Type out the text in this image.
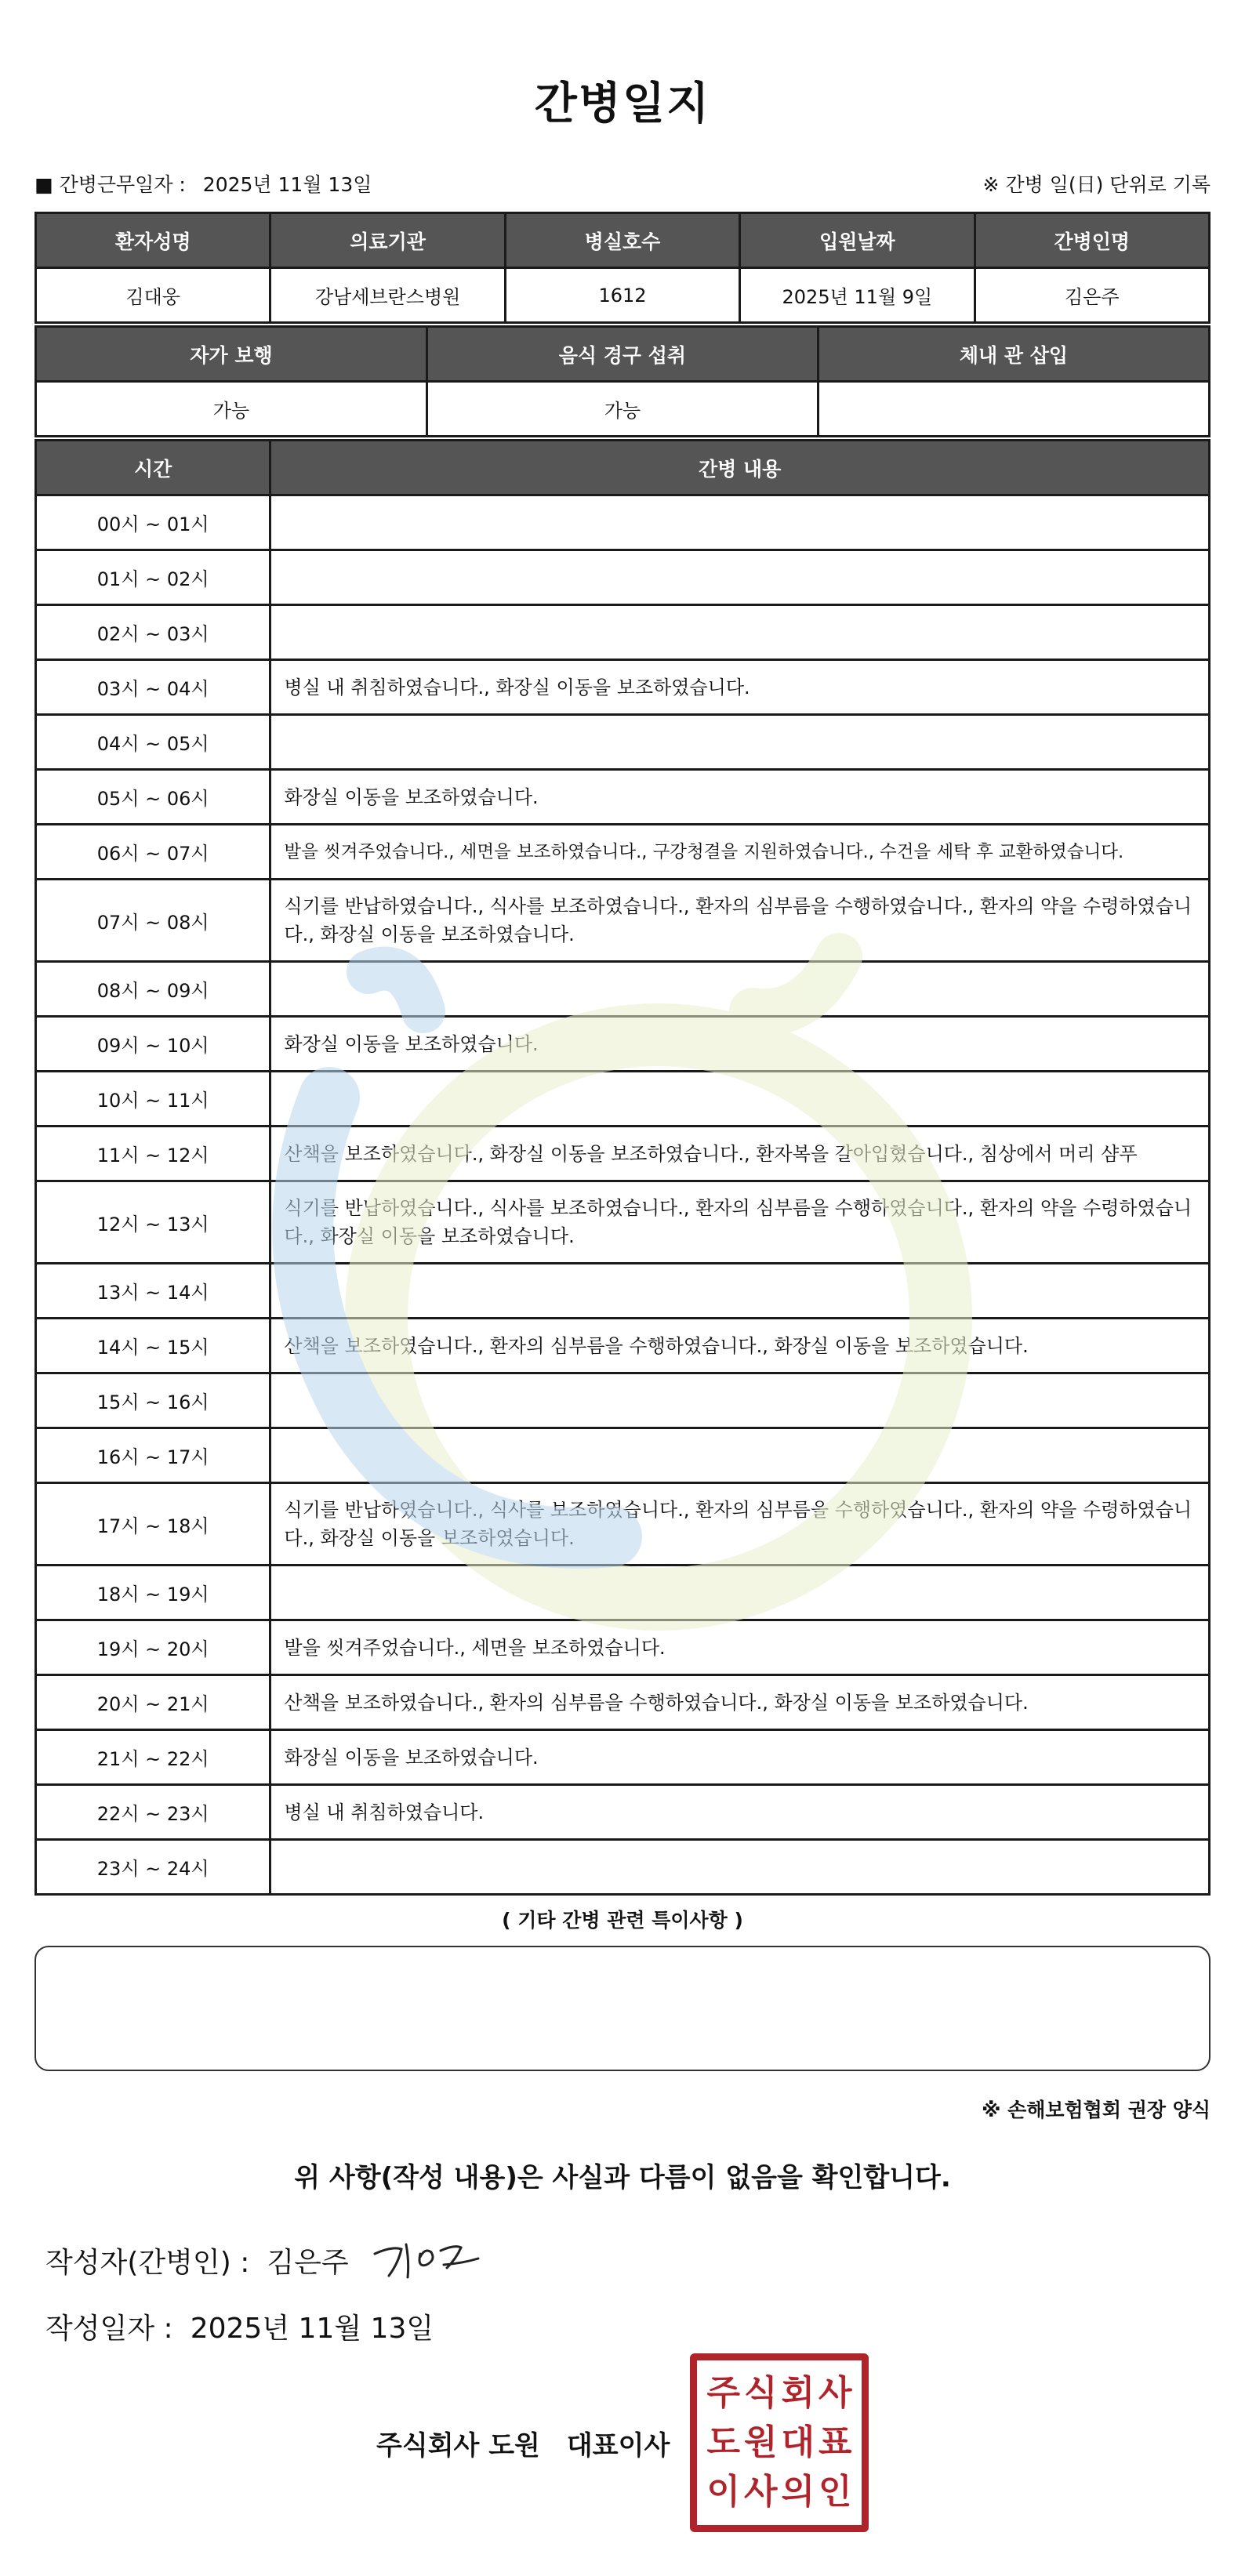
간병일지
■ 간병근무일자 : 2025년 11월 13일	※ 간병 일(日) 단위로 기록
환자성명	의료기관	병실호수	입원날짜	간병인명
김대웅	강남세브란스병원	1612	2025년 11월 9일	김은주
자가 보행	음식 경구 섭취	체내 관 삽입
가능	가능	
시간	간병 내용
00시 ~ 01시	
01시 ~ 02시	
02시 ~ 03시	
03시 ~ 04시	병실 내 취침하였습니다., 화장실 이동을 보조하였습니다.
04시 ~ 05시	
05시 ~ 06시	화장실 이동을 보조하였습니다.
06시 ~ 07시	발을 씻겨주었습니다., 세면을 보조하였습니다., 구강청결을 지원하였습니다., 수건을 세탁 후 교환하였습니다.
07시 ~ 08시	식기를 반납하였습니다., 식사를 보조하였습니다., 환자의 심부름을 수행하였습니다., 환자의 약을 수령하였습니다., 화장실 이동을 보조하였습니다.
08시 ~ 09시	
09시 ~ 10시	화장실 이동을 보조하였습니다.
10시 ~ 11시	
11시 ~ 12시	산책을 보조하였습니다., 화장실 이동을 보조하였습니다., 환자복을 갈아입혔습니다., 침상에서 머리 샴푸
12시 ~ 13시	식기를 반납하였습니다., 식사를 보조하였습니다., 환자의 심부름을 수행하였습니다., 환자의 약을 수령하였습니다., 화장실 이동을 보조하였습니다.
13시 ~ 14시	
14시 ~ 15시	산책을 보조하였습니다., 환자의 심부름을 수행하였습니다., 화장실 이동을 보조하였습니다.
15시 ~ 16시	
16시 ~ 17시	
17시 ~ 18시	식기를 반납하였습니다., 식사를 보조하였습니다., 환자의 심부름을 수행하였습니다., 환자의 약을 수령하였습니다., 화장실 이동을 보조하였습니다.
18시 ~ 19시	
19시 ~ 20시	발을 씻겨주었습니다., 세면을 보조하였습니다.
20시 ~ 21시	산책을 보조하였습니다., 환자의 심부름을 수행하였습니다., 화장실 이동을 보조하였습니다.
21시 ~ 22시	화장실 이동을 보조하였습니다.
22시 ~ 23시	병실 내 취침하였습니다.
23시 ~ 24시	
( 기타 간병 관련 특이사항 )
※ 손해보험협회 권장 양식
위 사항(작성 내용)은 사실과 다름이 없음을 확인합니다.
작성자(간병인) : 김은주
작성일자 : 2025년 11월 13일
주식회사 도원 대표이사
주 식 회 사
도 원 대 표
이 사 의 인
